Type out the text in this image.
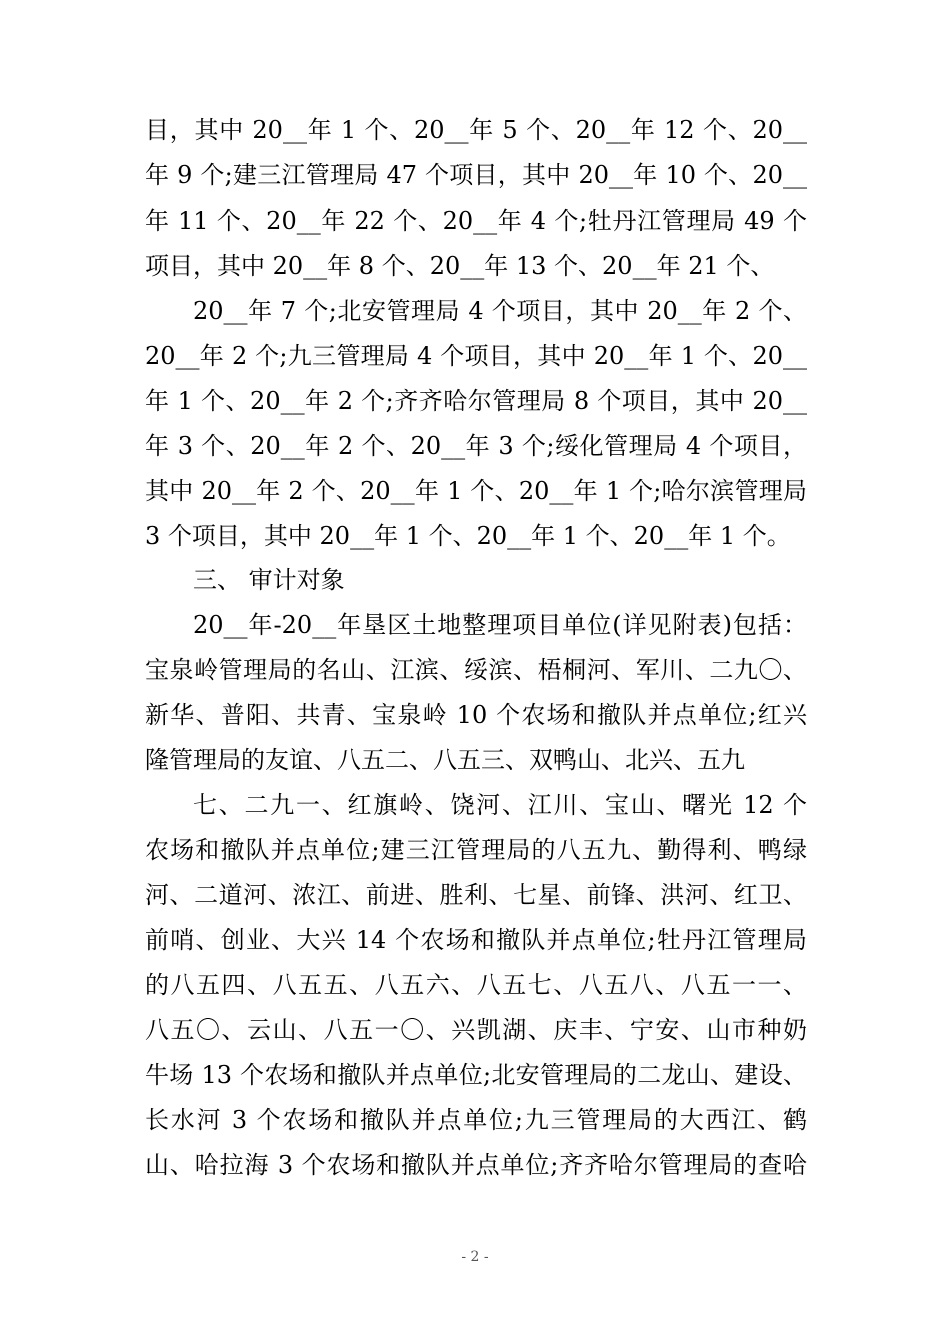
目，其中 20__年 1 个、20__年 5 个、20__年 12 个、20__
年 9 个;建三江管理局 47 个项目，其中 20__年 10 个、20__
年 11 个、20__年 22 个、20__年 4 个;牡丹江管理局 49 个
项目，其中 20__年 8 个、20__年 13 个、20__年 21 个、
20__年 7 个;北安管理局 4 个项目，其中 20__年 2 个、
20__年 2 个;九三管理局 4 个项目，其中 20__年 1 个、20__
年 1 个、20__年 2 个;齐齐哈尔管理局 8 个项目，其中 20__
年 3 个、20__年 2 个、20__年 3 个;绥化管理局 4 个项目，
其中 20__年 2 个、20__年 1 个、20__年 1 个;哈尔滨管理局
3 个项目，其中 20__年 1 个、20__年 1 个、20__年 1 个。
三、 审计对象
20__年-20__年垦区土地整理项目单位(详见附表)包括：
宝泉岭管理局的名山、江滨、绥滨、梧桐河、军川、二九〇、
新华、普阳、共青、宝泉岭 10 个农场和撤队并点单位;红兴
隆管理局的友谊、八五二、八五三、双鸭山、北兴、五九
七、二九一、红旗岭、饶河、江川、宝山、曙光 12 个
农场和撤队并点单位;建三江管理局的八五九、勤得利、鸭绿
河、二道河、浓江、前进、胜利、七星、前锋、洪河、红卫、
前哨、创业、大兴 14 个农场和撤队并点单位;牡丹江管理局
的八五四、八五五、八五六、八五七、八五八、八五一一、
八五〇、云山、八五一〇、兴凯湖、庆丰、宁安、山市种奶
牛场 13 个农场和撤队并点单位;北安管理局的二龙山、建设、
长水河 3 个农场和撤队并点单位;九三管理局的大西江、鹤
山、哈拉海 3 个农场和撤队并点单位;齐齐哈尔管理局的查哈
- 2 -
